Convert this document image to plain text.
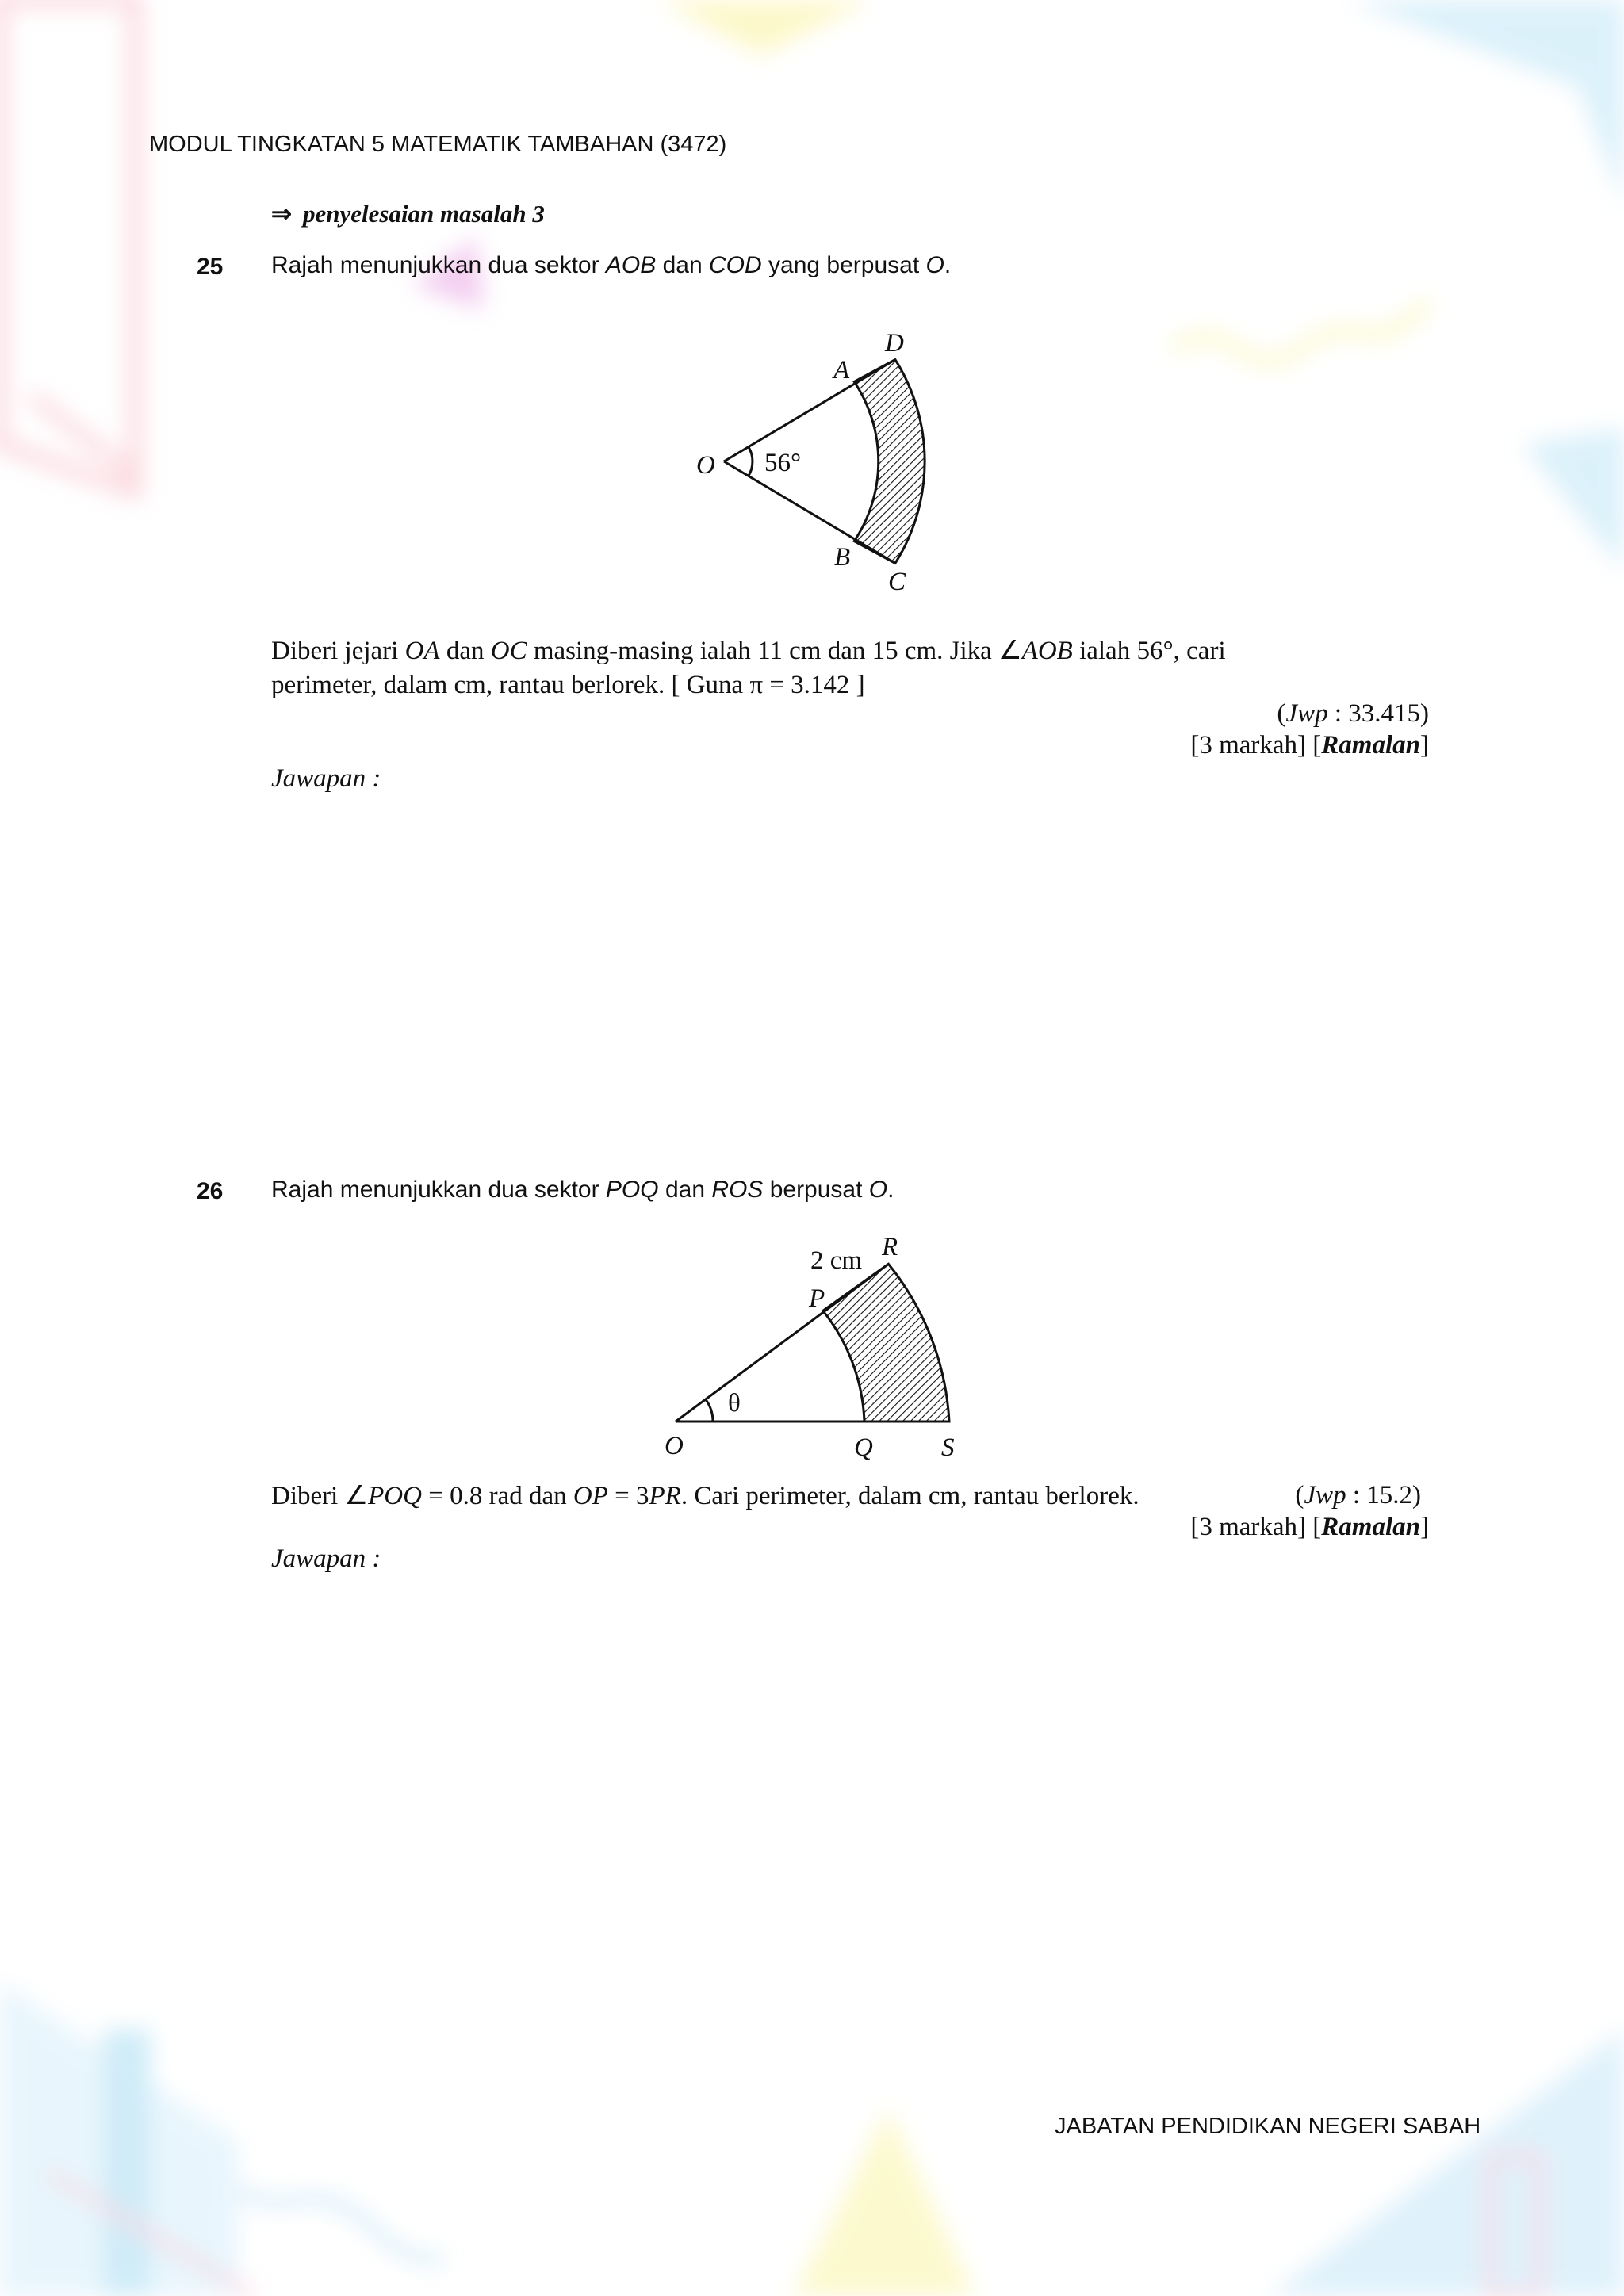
MODUL TINGKATAN 5 MATEMATIK TAMBAHAN (3472)
⇒ penyelesaian masalah 3
25 Rajah menunjukkan dua sektor AOB dan COD yang berpusat O.
56°
O
A
D
B
C
Diberi jejari OA dan OC masing-masing ialah 11 cm dan 15 cm. Jika ∠AOB ialah 56°, cari
perimeter, dalam cm, rantau berlorek. [ Guna π = 3.142 ]
(Jwp : 33.415)
[3 markah] [Ramalan]
Jawapan :
26 Rajah menunjukkan dua sektor POQ dan ROS berpusat O.
θ
2 cm R
P
O	Q	S
Diberi ∠POQ = 0.8 rad dan OP = 3PR. Cari perimeter, dalam cm, rantau berlorek.	(Jwp : 15.2)
[3 markah] [Ramalan]
Jawapan :
JABATAN PENDIDIKAN NEGERI SABAH
